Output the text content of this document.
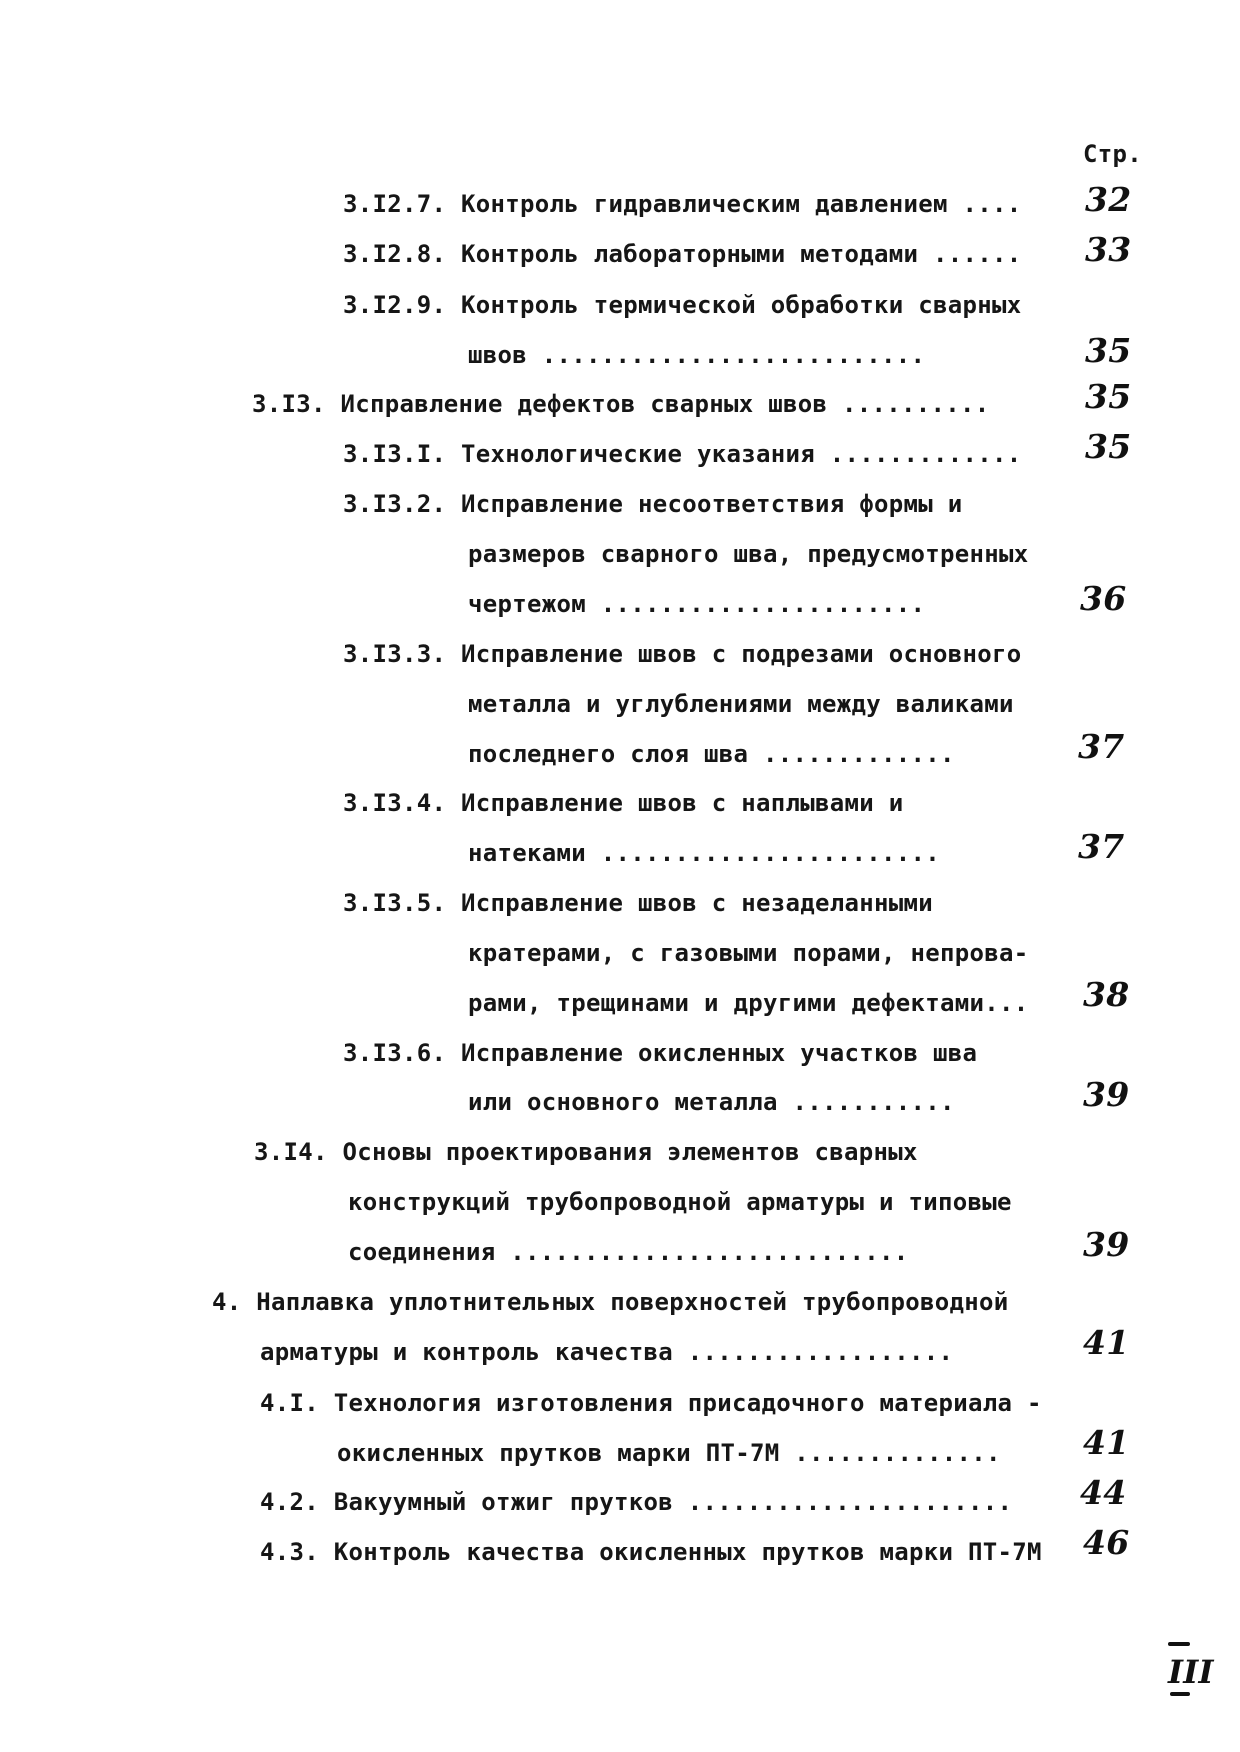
Стр.
3.I2.7. Контроль гидравлическим давлением .... 32
3.I2.8. Контроль лабораторными методами ...... 33
3.I2.9. Контроль термической обработки сварных
швов ..........................	35
3.I3. Исправление дефектов сварных швов ..........	35
3.I3.I. Технологические указания ............. 35
3.I3.2. Исправление несоответствия формы и
размеров сварного шва, предусмотренных
чертежом ......................	36
3.I3.3. Исправление швов с подрезами основного
металла и углублениями между валиками
последнего слоя шва .............	37
3.I3.4. Исправление швов с наплывами и
натеками .......................	37
3.I3.5. Исправление швов с незаделанными
кратерами, с газовыми порами, непрова-
рами, трещинами и другими дефектами... 38
3.I3.6. Исправление окисленных участков шва
или основного металла ...........	39
3.I4. Основы проектирования элементов сварных
конструкций трубопроводной арматуры и типовые
соединения ...........................	39
4. Наплавка уплотнительных поверхностей трубопроводной
арматуры и контроль качества ..................	41
4.I. Технология изготовления присадочного материала -
окисленных прутков марки ПТ-7М .............. 41
4.2. Вакуумный отжиг прутков ...................... 44
4.3. Контроль качества окисленных прутков марки ПТ-7М 46
III
